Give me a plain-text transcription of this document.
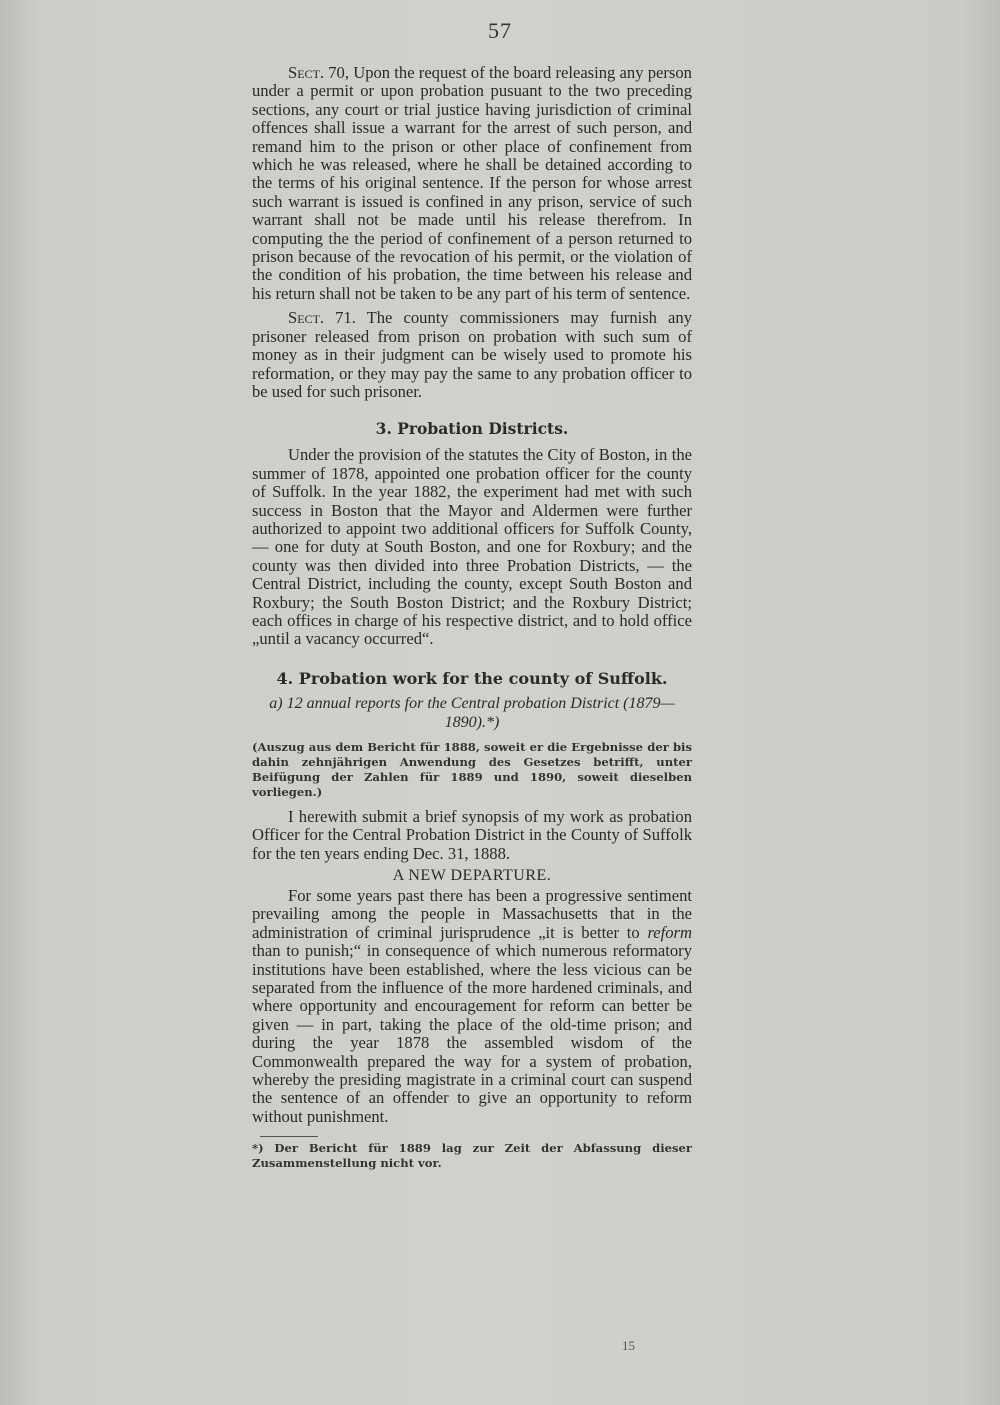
57

Sect. 70, Upon the request of the board releasing any person under a permit or upon probation pusuant to the two preceding sections, any court or trial justice having jurisdiction of criminal offences shall issue a warrant for the arrest of such person, and remand him to the prison or other place of confinement from which he was released, where he shall be detained according to the terms of his original sentence. If the person for whose arrest such warrant is issued is confined in any prison, service of such warrant shall not be made until his release therefrom. In computing the the period of confinement of a person returned to prison because of the revocation of his permit, or the violation of the condition of his probation, the time between his release and his return shall not be taken to be any part of his term of sentence.

Sect. 71. The county commissioners may furnish any prisoner released from prison on probation with such sum of money as in their judgment can be wisely used to promote his reformation, or they may pay the same to any probation officer to be used for such prisoner.

3. Probation Districts.

Under the provision of the statutes the City of Boston, in the summer of 1878, appointed one probation officer for the county of Suffolk. In the year 1882, the experiment had met with such success in Boston that the Mayor and Aldermen were further authorized to appoint two additional officers for Suffolk County, — one for duty at South Boston, and one for Roxbury; and the county was then divided into three Probation Districts, — the Central District, including the county, except South Boston and Roxbury; the South Boston District; and the Roxbury District; each offices in charge of his respective district, and to hold office „until a vacancy occurred“.

4. Probation work for the county of Suffolk.
a) 12 annual reports for the Central probation District (1879—1890).*)
(Auszug aus dem Bericht für 1888, soweit er die Ergebnisse der bis dahin zehnjährigen Anwendung des Gesetzes betrifft, unter Beifügung der Zahlen für 1889 und 1890, soweit dieselben vorliegen.)

I herewith submit a brief synopsis of my work as probation Officer for the Central Probation District in the County of Suffolk for the ten years ending Dec. 31, 1888.

A NEW DEPARTURE.

For some years past there has been a progressive sentiment prevailing among the people in Massachusetts that in the administration of criminal jurisprudence „it is better to reform than to punish;“ in consequence of which numerous reformatory institutions have been established, where the less vicious can be separated from the influence of the more hardened criminals, and where opportunity and encouragement for reform can better be given — in part, taking the place of the old-time prison; and during the year 1878 the assembled wisdom of the Commonwealth prepared the way for a system of probation, whereby the presiding magistrate in a criminal court can suspend the sentence of an offender to give an opportunity to reform without punishment.

*) Der Bericht für 1889 lag zur Zeit der Abfassung dieser Zusammenstellung nicht vor.
15
